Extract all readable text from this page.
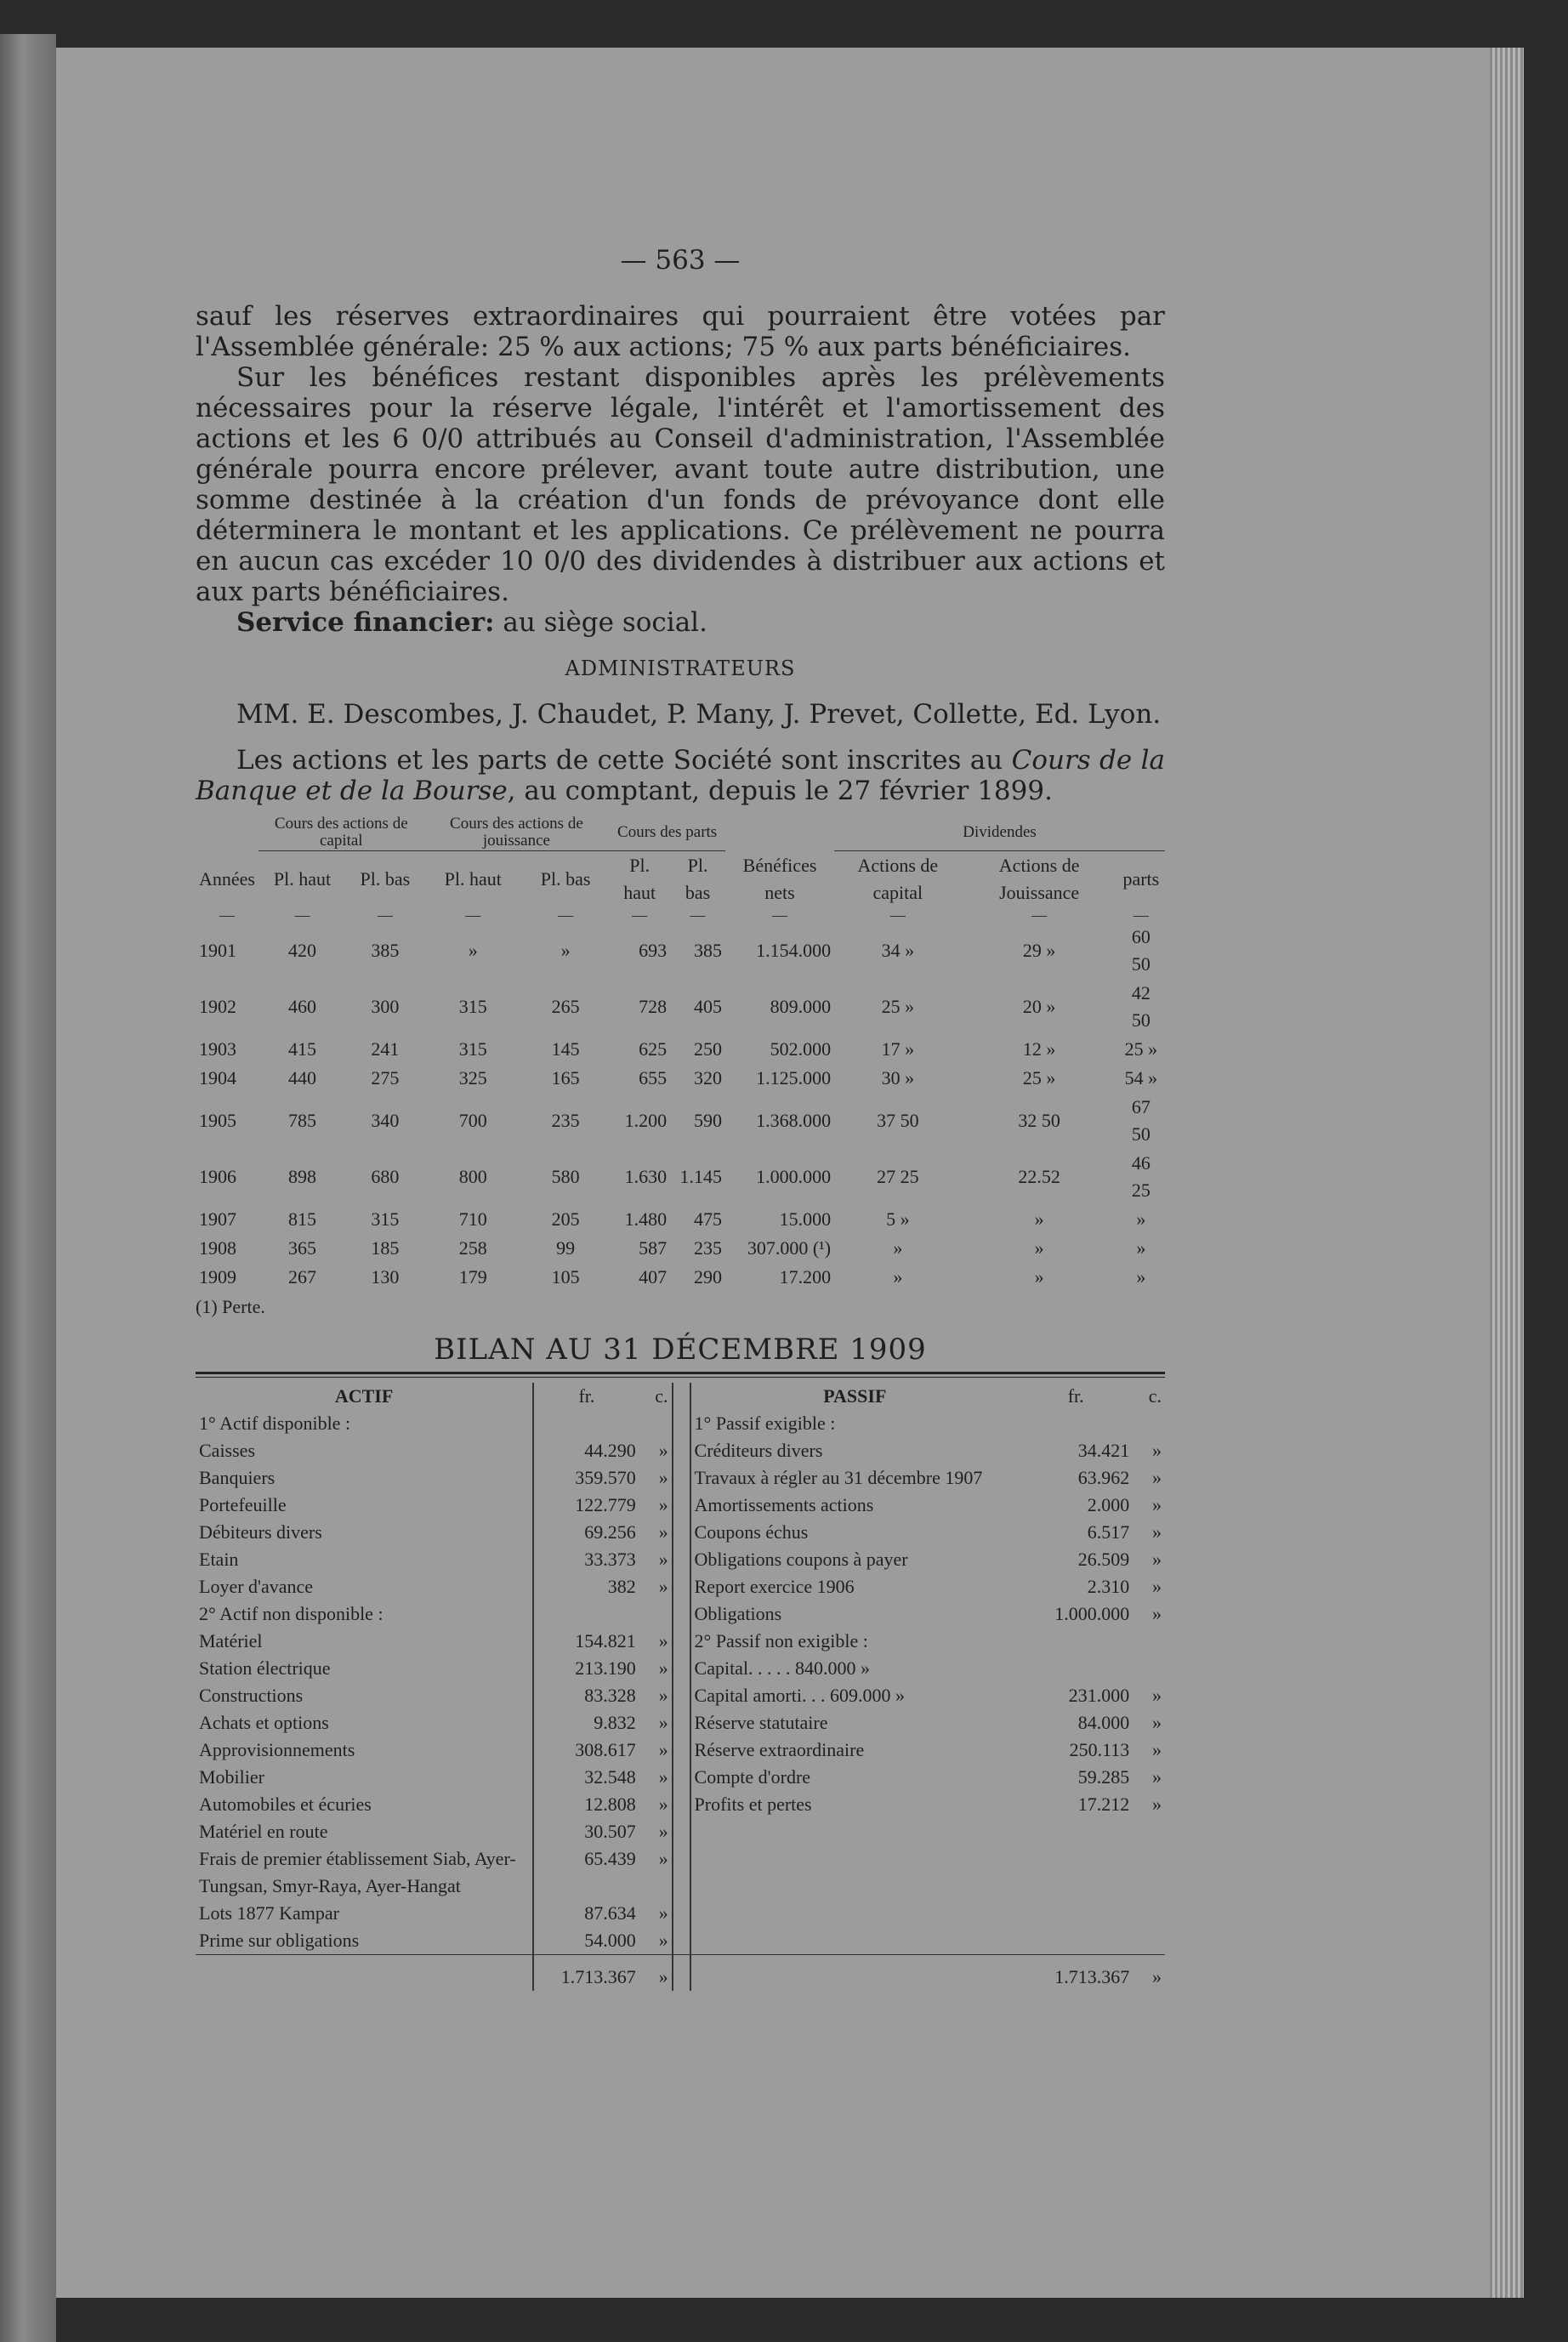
— 563 —

sauf les réserves extraordinaires qui pourraient être votées par l'Assemblée générale: 25 % aux actions; 75 % aux parts bénéficiaires.

Sur les bénéfices restant disponibles après les prélèvements nécessaires pour la réserve légale, l'intérêt et l'amortissement des actions et les 6 0/0 attribués au Conseil d'administration, l'Assemblée générale pourra encore prélever, avant toute autre distribution, une somme destinée à la création d'un fonds de prévoyance dont elle déterminera le montant et les applications. Ce prélèvement ne pourra en aucun cas excéder 10 0/0 des dividendes à distribuer aux actions et aux parts bénéficiaires.

Service financier: au siège social.

ADMINISTRATEURS

MM. E. Descombes, J. Chaudet, P. Many, J. Prevet, Collette, Ed. Lyon.

Les actions et les parts de cette Société sont inscrites au Cours de la Banque et de la Bourse, au comptant, depuis le 27 février 1899.

	Cours des actions de capital		Cours des actions de jouissance		Cours des parts			Dividendes		
Années	Pl. haut	Pl. bas	Pl. haut	Pl. bas	Pl. haut	Pl. bas	Bénéfices nets	Actions de capital	Actions de Jouissance	parts
—	—	—	—	—	—	—	—	—	—	—
1901	420	385	»	»	693	385	1.154.000	34 »	29 »	60 50
1902	460	300	315	265	728	405	809.000	25 »	20 »	42 50
1903	415	241	315	145	625	250	502.000	17 »	12 »	25 »
1904	440	275	325	165	655	320	1.125.000	30 »	25 »	54 »
1905	785	340	700	235	1.200	590	1.368.000	37 50	32 50	67 50
1906	898	680	800	580	1.630	1.145	1.000.000	27 25	22.52	46 25
1907	815	315	710	205	1.480	475	15.000	5 »	»	»
1908	365	185	258	99	587	235	307.000 (¹)	»	»	»
1909	267	130	179	105	407	290	17.200	»	»	»
(1) Perte.
BILAN AU 31 DÉCEMBRE 1909
ACTIF	fr.	c.		PASSIF	fr.	c.
1° Actif disponible :				1° Passif exigible :		
Caisses	44.290	»		Créditeurs divers	34.421	»
Banquiers	359.570	»		Travaux à régler au 31 décembre 1907	63.962	»
Portefeuille	122.779	»		Amortissements actions	2.000	»
Débiteurs divers	69.256	»		Coupons échus	6.517	»
Etain	33.373	»		Obligations coupons à payer	26.509	»
Loyer d'avance	382	»		Report exercice 1906	2.310	»
2° Actif non disponible :				Obligations	1.000.000	»
Matériel	154.821	»		2° Passif non exigible :		
Station électrique	213.190	»		Capital. . . . . 840.000 »		
Constructions	83.328	»		Capital amorti. . . 609.000 »	231.000	»
Achats et options	9.832	»		Réserve statutaire	84.000	»
Approvisionnements	308.617	»		Réserve extraordinaire	250.113	»
Mobilier	32.548	»		Compte d'ordre	59.285	»
Automobiles et écuries	12.808	»		Profits et pertes	17.212	»
Matériel en route	30.507	»				
Frais de premier établissement Siab, Ayer-Tungsan, Smyr-Raya, Ayer-Hangat	65.439	»				
Lots 1877 Kampar	87.634	»				
Prime sur obligations	54.000	»				
	1.713.367	»			1.713.367	»
